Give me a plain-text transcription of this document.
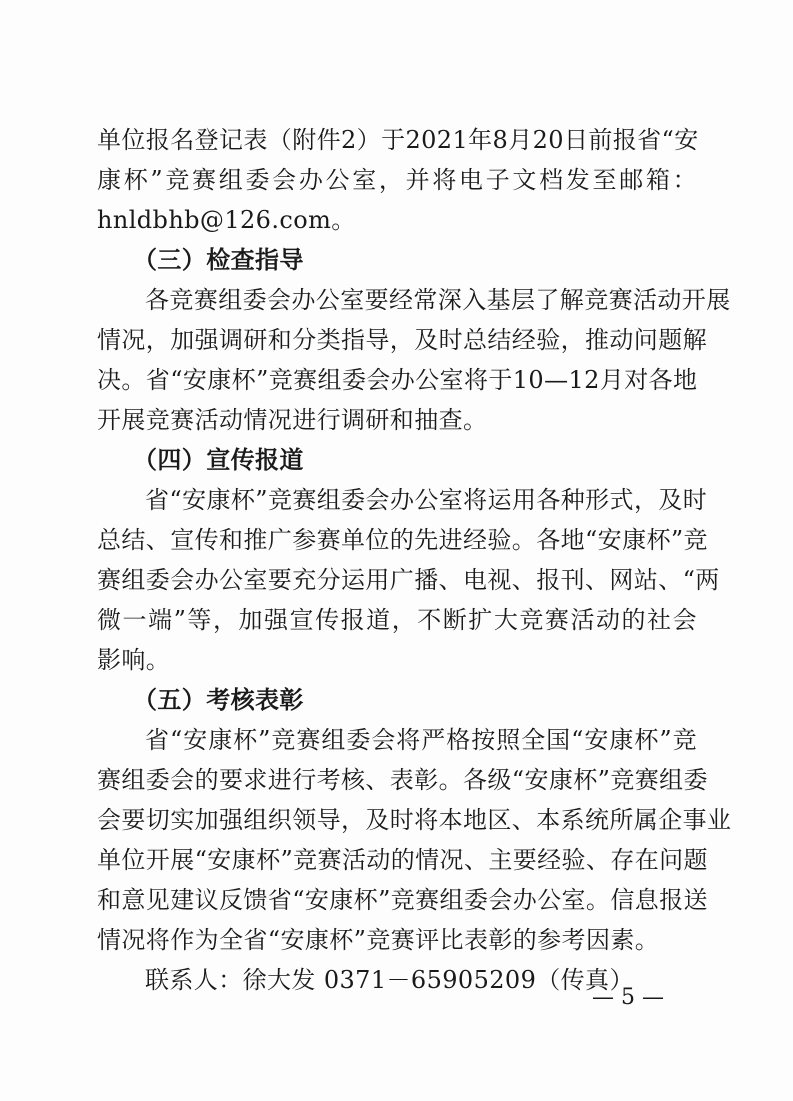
单位报名登记表（附件2）于2021年8月20日前报省“安
康杯”竞赛组委会办公室，并将电子文档发至邮箱：
hnldbhb@126.com。
（三）检查指导
各竞赛组委会办公室要经常深入基层了解竞赛活动开展
情况，加强调研和分类指导，及时总结经验，推动问题解
决。省“安康杯”竞赛组委会办公室将于10—12月对各地
开展竞赛活动情况进行调研和抽查。
（四）宣传报道
省“安康杯”竞赛组委会办公室将运用各种形式，及时
总结、宣传和推广参赛单位的先进经验。各地“安康杯”竞
赛组委会办公室要充分运用广播、电视、报刊、网站、“两
微一端”等，加强宣传报道，不断扩大竞赛活动的社会
影响。
（五）考核表彰
省“安康杯”竞赛组委会将严格按照全国“安康杯”竞
赛组委会的要求进行考核、表彰。各级“安康杯”竞赛组委
会要切实加强组织领导，及时将本地区、本系统所属企事业
单位开展“安康杯”竞赛活动的情况、主要经验、存在问题
和意见建议反馈省“安康杯”竞赛组委会办公室。信息报送
情况将作为全省“安康杯”竞赛评比表彰的参考因素。
联系人：徐大发 0371－65905209（传真）
— 5 —
